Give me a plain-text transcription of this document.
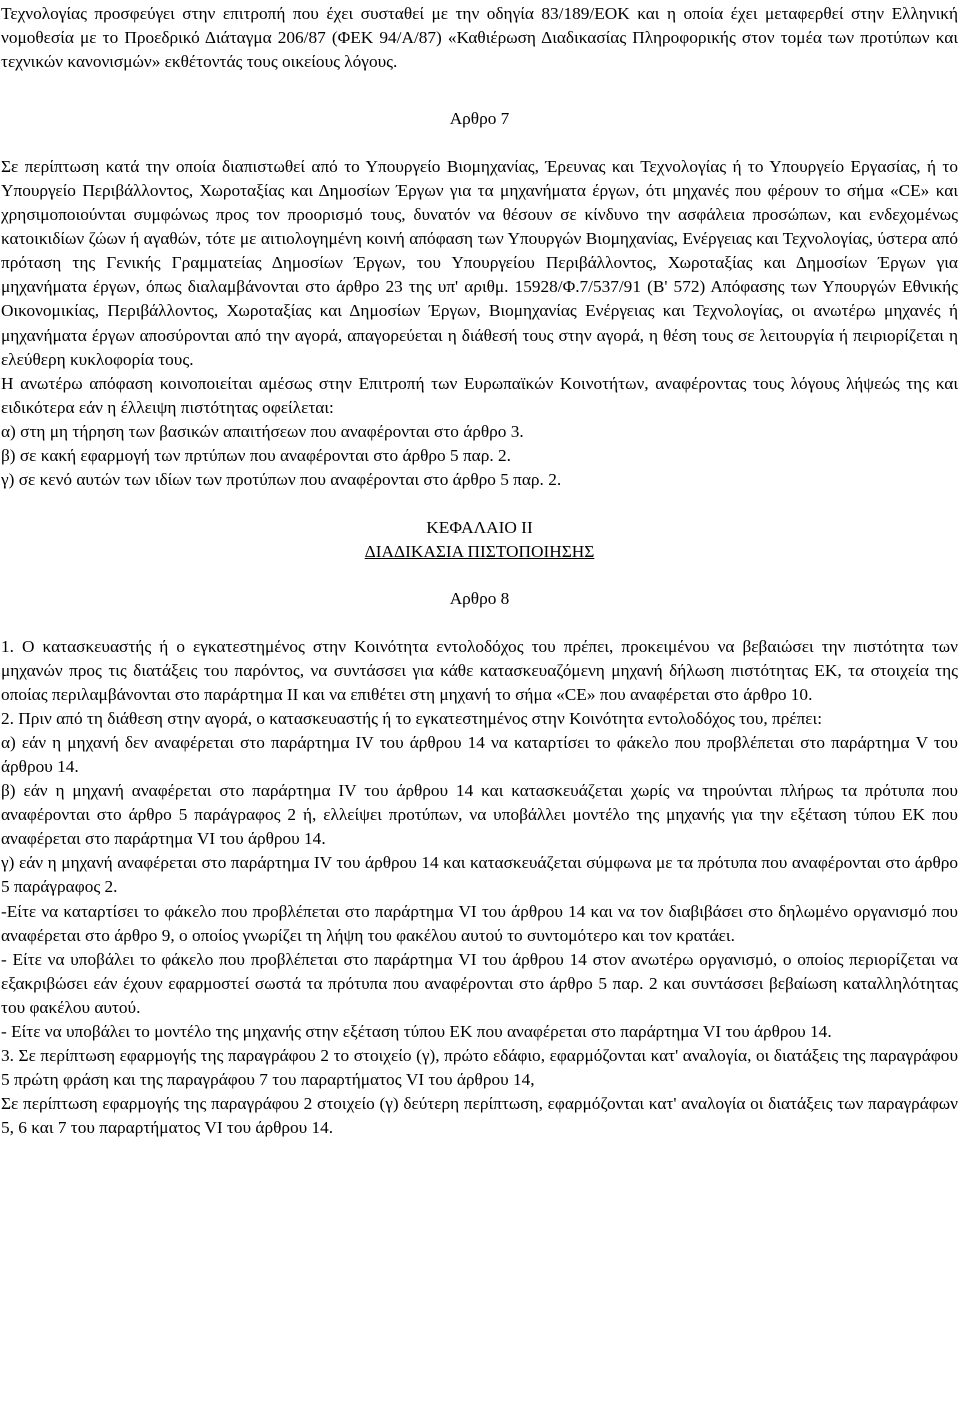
Τεχνολογίας προσφεύγει στην επιτροπή που έχει συσταθεί με την οδηγία 83/189/ΕΟΚ και η οποία έχει μεταφερθεί στην Ελληνική νομοθεσία με το Προεδρικό Διάταγμα 206/87 (ΦΕΚ 94/Α/87) «Καθιέρωση Διαδικασίας Πληροφορικής στον τομέα των προτύπων και τεχνικών κανονισμών» εκθέτοντάς τους οικείους λόγους.

Αρθρο 7

Σε περίπτωση κατά την οποία διαπιστωθεί από το Υπουργείο Βιομηχανίας, Έρευνας και Τεχνολογίας ή το Υπουργείο Εργασίας, ή το Υπουργείο Περιβάλλοντος, Χωροταξίας και Δημοσίων Έργων για τα μηχανήματα έργων, ότι μηχανές που φέρουν το σήμα «CE» και χρησιμοποιούνται συμφώνως προς τον προορισμό τους, δυνατόν να θέσουν σε κίνδυνο την ασφάλεια προσώπων, και ενδεχομένως κατοικιδίων ζώων ή αγαθών, τότε με αιτιολογημένη κοινή απόφαση των Υπουργών Βιομηχανίας, Ενέργειας και Τεχνολογίας, ύστερα από πρόταση της Γενικής Γραμματείας Δημοσίων Έργων, του Υπουργείου Περιβάλλοντος, Χωροταξίας και Δημοσίων Έργων για μηχανήματα έργων, όπως διαλαμβάνονται στο άρθρο 23 της υπ' αριθμ. 15928/Φ.7/537/91 (Β' 572) Απόφασης των Υπουργών Εθνικής Οικονομικίας, Περιβάλλοντος, Χωροταξίας και Δημοσίων Έργων, Βιομηχανίας Ενέργειας και Τεχνολογίας, οι ανωτέρω μηχανές ή μηχανήματα έργων αποσύρονται από την αγορά, απαγορεύεται η διάθεσή τους στην αγορά, η θέση τους σε λειτουργία ή πειριορίζεται η ελεύθερη κυκλοφορία τους.

Η ανωτέρω απόφαση κοινοποιείται αμέσως στην Επιτροπή των Ευρωπαϊκών Κοινοτήτων, αναφέροντας τους λόγους λήψεώς της και ειδικότερα εάν η έλλειψη πιστότητας οφείλεται:

α) στη μη τήρηση των βασικών απαιτήσεων που αναφέρονται στο άρθρο 3.

β) σε κακή εφαρμογή των πρτύπων που αναφέρονται στο άρθρο 5 παρ. 2.

γ) σε κενό αυτών των ιδίων των προτύπων που αναφέρονται στο άρθρο 5 παρ. 2.

ΚΕΦΑΛΑΙΟ ΙΙ

ΔΙΑΔΙΚΑΣΙΑ ΠΙΣΤΟΠΟΙΗΣΗΣ

Αρθρο 8

1. Ο κατασκευαστής ή ο εγκατεστημένος στην Κοινότητα εντολοδόχος του πρέπει, προκειμένου να βεβαιώσει την πιστότητα των μηχανών προς τις διατάξεις του παρόντος, να συντάσσει για κάθε κατασκευαζόμενη μηχανή δήλωση πιστότητας ΕΚ, τα στοιχεία της οποίας περιλαμβάνονται στο παράρτημα ΙΙ και να επιθέτει στη μηχανή το σήμα «CE» που αναφέρεται στο άρθρο 10.

2. Πριν από τη διάθεση στην αγορά, ο κατασκευαστής ή το εγκατεστημένος στην Κοινότητα εντολοδόχος του, πρέπει:

α) εάν η μηχανή δεν αναφέρεται στο παράρτημα IV του άρθρου 14 να καταρτίσει το φάκελο που προβλέπεται στο παράρτημα V του άρθρου 14.

β) εάν η μηχανή αναφέρεται στο παράρτημα IV του άρθρου 14 και κατασκευάζεται χωρίς να τηρούνται πλήρως τα πρότυπα που αναφέρονται στο άρθρο 5 παράγραφος 2 ή, ελλείψει προτύπων, να υποβάλλει μοντέλο της μηχανής για την εξέταση τύπου ΕΚ που αναφέρεται στο παράρτημα VI του άρθρου 14.

γ) εάν η μηχανή αναφέρεται στο παράρτημα IV του άρθρου 14 και κατασκευάζεται σύμφωνα με τα πρότυπα που αναφέρονται στο άρθρο 5 παράγραφος 2.

-Είτε να καταρτίσει το φάκελο που προβλέπεται στο παράρτημα VI του άρθρου 14 και να τον διαβιβάσει στο δηλωμένο οργανισμό που αναφέρεται στο άρθρο 9, ο οποίος γνωρίζει τη λήψη του φακέλου αυτού το συντομότερο και τον κρατάει.

- Είτε να υποβάλει το φάκελο που προβλέπεται στο παράρτημα VI του άρθρου 14 στον ανωτέρω οργανισμό, ο οποίος περιορίζεται να εξακριβώσει εάν έχουν εφαρμοστεί σωστά τα πρότυπα που αναφέρονται στο άρθρο 5 παρ. 2 και συντάσσει βεβαίωση καταλληλότητας του φακέλου αυτού.

- Είτε να υποβάλει το μοντέλο της μηχανής στην εξέταση τύπου ΕΚ που αναφέρεται στο παράρτημα VI του άρθρου 14.

3. Σε περίπτωση εφαρμογής της παραγράφου 2 το στοιχείο (γ), πρώτο εδάφιο, εφαρμόζονται κατ' αναλογία, οι διατάξεις της παραγράφου 5 πρώτη φράση και της παραγράφου 7 του παραρτήματος VI του άρθρου 14,

Σε περίπτωση εφαρμογής της παραγράφου 2 στοιχείο (γ) δεύτερη περίπτωση, εφαρμόζονται κατ' αναλογία οι διατάξεις των παραγράφων 5, 6 και 7 του παραρτήματος VI του άρθρου 14.
